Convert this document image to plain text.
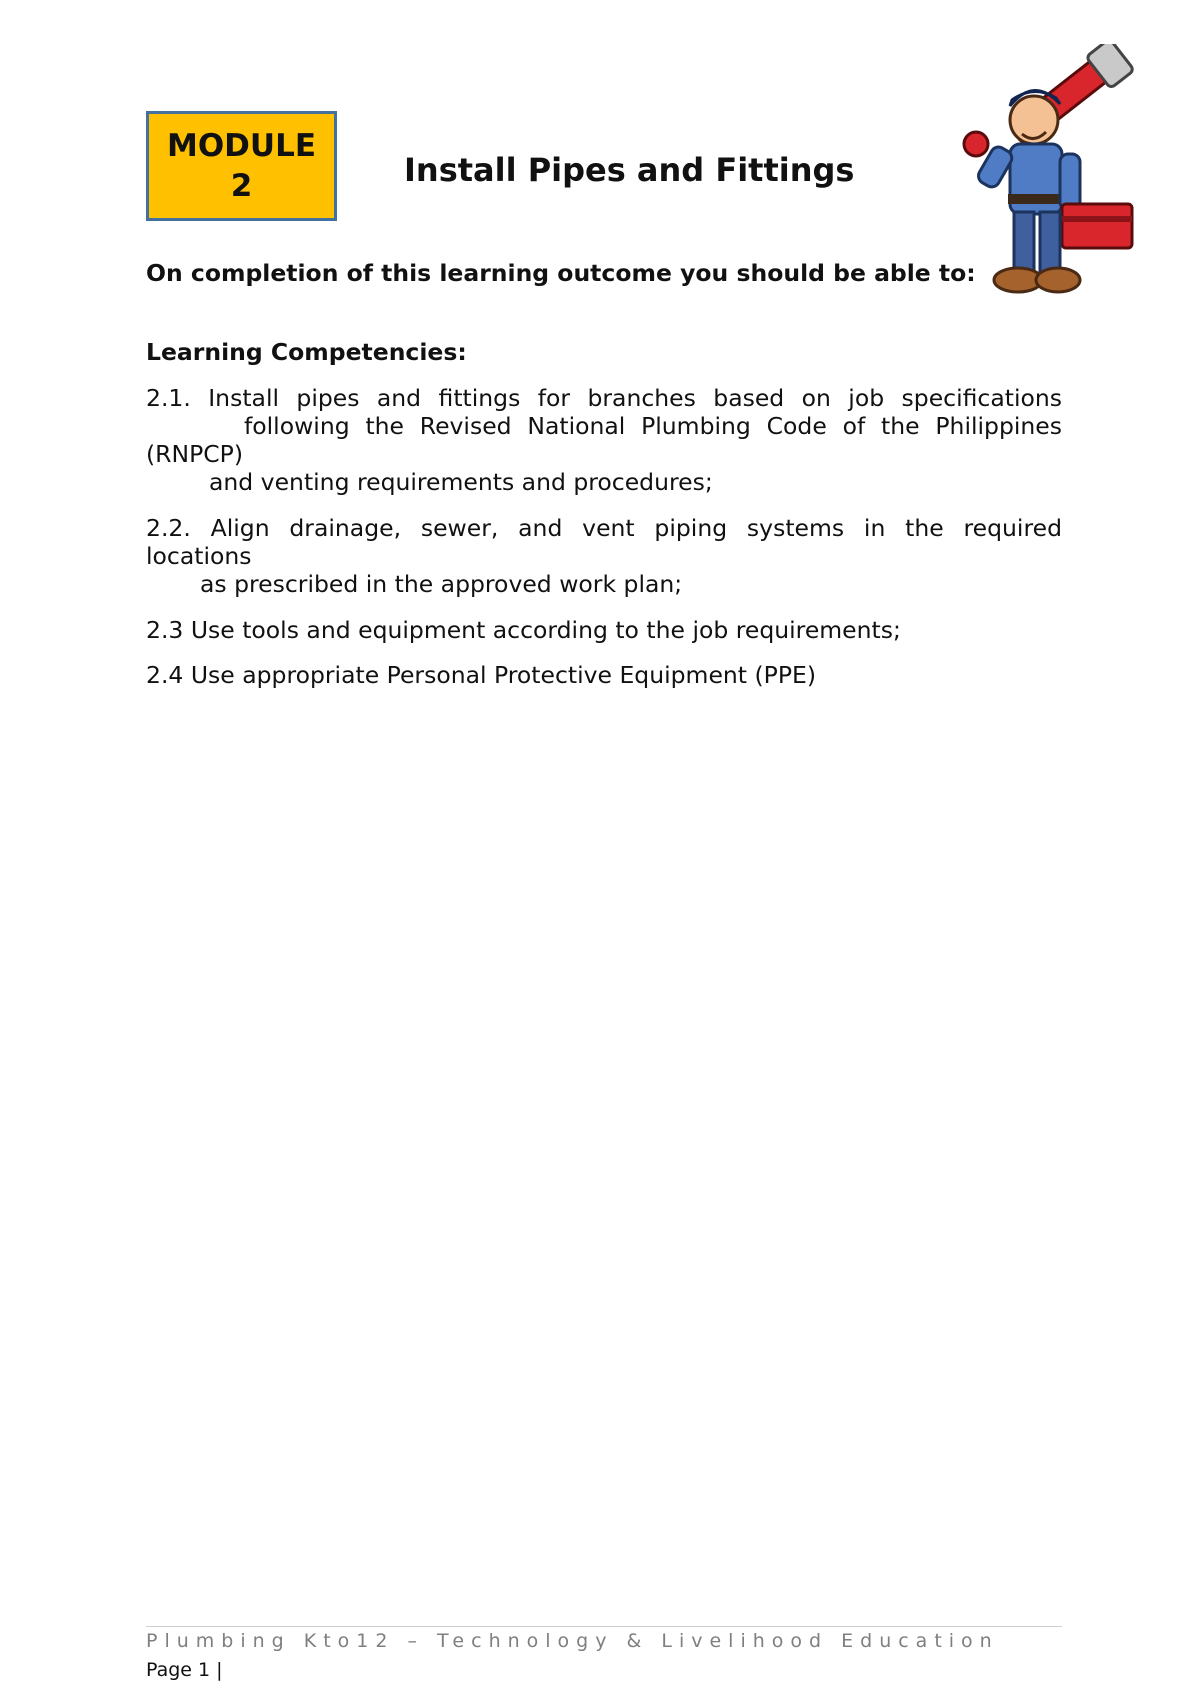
MODULE
2	Install Pipes and Fittings
On completion of this learning outcome you should be able to:
Learning Competencies:
2.1. Install pipes and fittings for branches based on job specifications
following the Revised National Plumbing Code of the Philippines
(RNPCP)
and venting requirements and procedures;
2.2. Align drainage, sewer, and vent piping systems in the required
locations
as prescribed in the approved work plan;
2.3 Use tools and equipment according to the job requirements;
2.4 Use appropriate Personal Protective Equipment (PPE)
Plumbing Kto12 – Technology & Livelihood Education
Page 1 |
